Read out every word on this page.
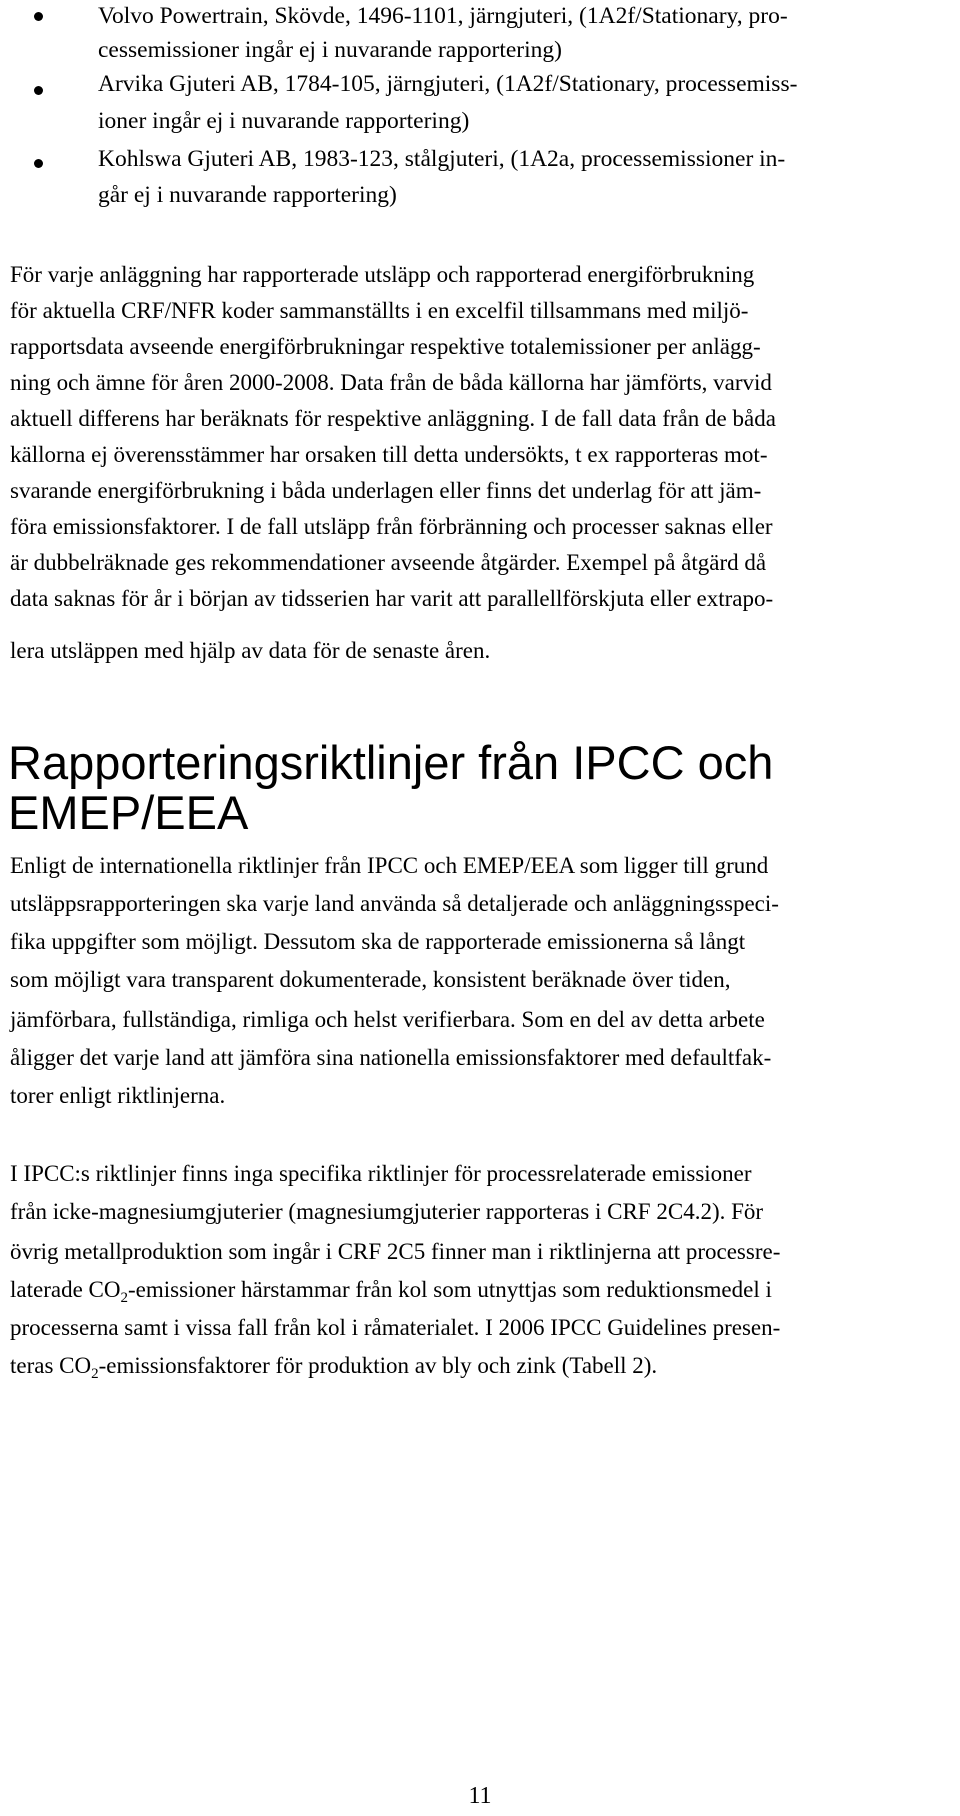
Volvo Powertrain, Skövde, 1496-1101, järngjuteri, (1A2f/Stationary, pro-
cessemissioner ingår ej i nuvarande rapportering)
Arvika Gjuteri AB, 1784-105, järngjuteri, (1A2f/Stationary, processemiss-
ioner ingår ej i nuvarande rapportering)
Kohlswa Gjuteri AB, 1983-123, stålgjuteri, (1A2a, processemissioner in-
går ej i nuvarande rapportering)
För varje anläggning har rapporterade utsläpp och rapporterad energiförbrukning
för aktuella CRF/NFR koder sammanställts i en excelfil tillsammans med miljö-
rapportsdata avseende energiförbrukningar respektive totalemissioner per anlägg-
ning och ämne för åren 2000-2008. Data från de båda källorna har jämförts, varvid
aktuell differens har beräknats för respektive anläggning. I de fall data från de båda
källorna ej överensstämmer har orsaken till detta undersökts, t ex rapporteras mot-
svarande energiförbrukning i båda underlagen eller finns det underlag för att jäm-
föra emissionsfaktorer. I de fall utsläpp från förbränning och processer saknas eller
är dubbelräknade ges rekommendationer avseende åtgärder. Exempel på åtgärd då
data saknas för år i början av tidsserien har varit att parallellförskjuta eller extrapo-
lera utsläppen med hjälp av data för de senaste åren.
Rapporteringsriktlinjer från IPCC och
EMEP/EEA
Enligt de internationella riktlinjer från IPCC och EMEP/EEA som ligger till grund
utsläppsrapporteringen ska varje land använda så detaljerade och anläggningsspeci-
fika uppgifter som möjligt. Dessutom ska de rapporterade emissionerna så långt
som möjligt vara transparent dokumenterade, konsistent beräknade över tiden,
jämförbara, fullständiga, rimliga och helst verifierbara. Som en del av detta arbete
åligger det varje land att jämföra sina nationella emissionsfaktorer med defaultfak-
torer enligt riktlinjerna.
I IPCC:s riktlinjer finns inga specifika riktlinjer för processrelaterade emissioner
från icke-magnesiumgjuterier (magnesiumgjuterier rapporteras i CRF 2C4.2). För
övrig metallproduktion som ingår i CRF 2C5 finner man i riktlinjerna att processre-
laterade $CO_2$-emissioner härstammar från kol som utnyttjas som reduktionsmedel i
processerna samt i vissa fall från kol i råmaterialet. I 2006 IPCC Guidelines presen-
teras $CO_2$-emissionsfaktorer för produktion av bly och zink (Tabell 2).
11
